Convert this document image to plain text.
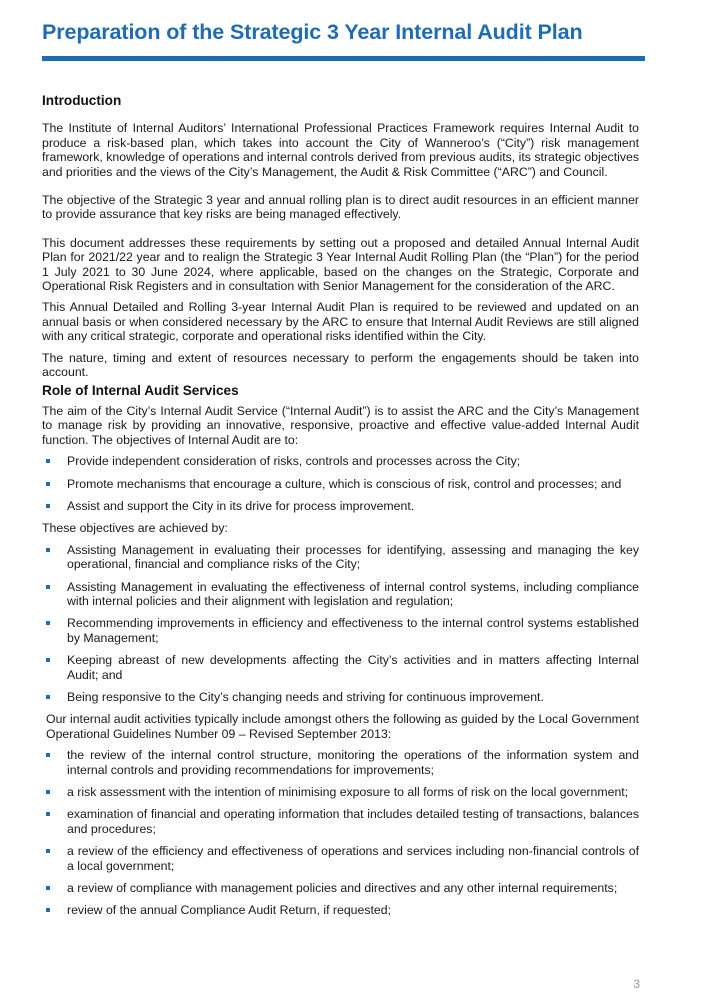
Preparation of the Strategic 3 Year Internal Audit Plan
Introduction

The Institute of Internal Auditors’ International Professional Practices Framework requires Internal Audit to produce a risk-based plan, which takes into account the City of Wanneroo’s (“City”) risk management framework, knowledge of operations and internal controls derived from previous audits, its strategic objectives and priorities and the views of the City’s Management, the Audit & Risk Committee (“ARC”) and Council.

The objective of the Strategic 3 year and annual rolling plan is to direct audit resources in an efficient manner to provide assurance that key risks are being managed effectively.

This document addresses these requirements by setting out a proposed and detailed Annual Internal Audit Plan for 2021/22 year and to realign the Strategic 3 Year Internal Audit Rolling Plan (the “Plan”) for the period 1 July 2021 to 30 June 2024, where applicable, based on the changes on the Strategic, Corporate and Operational Risk Registers and in consultation with Senior Management for the consideration of the ARC.

This Annual Detailed and Rolling 3-year Internal Audit Plan is required to be reviewed and updated on an annual basis or when considered necessary by the ARC to ensure that Internal Audit Reviews are still aligned with any critical strategic, corporate and operational risks identified within the City.

The nature, timing and extent of resources necessary to perform the engagements should be taken into account.

Role of Internal Audit Services

The aim of the City’s Internal Audit Service (“Internal Audit”) is to assist the ARC and the City’s Management to manage risk by providing an innovative, responsive, proactive and effective value-added Internal Audit function. The objectives of Internal Audit are to:

Provide independent consideration of risks, controls and processes across the City;
Promote mechanisms that encourage a culture, which is conscious of risk, control and processes; and
Assist and support the City in its drive for process improvement.

These objectives are achieved by:

Assisting Management in evaluating their processes for identifying, assessing and managing the key operational, financial and compliance risks of the City;
Assisting Management in evaluating the effectiveness of internal control systems, including compliance with internal policies and their alignment with legislation and regulation;
Recommending improvements in efficiency and effectiveness to the internal control systems established by Management;
Keeping abreast of new developments affecting the City’s activities and in matters affecting Internal Audit; and
Being responsive to the City’s changing needs and striving for continuous improvement.

Our internal audit activities typically include amongst others the following as guided by the Local Government Operational Guidelines Number 09 – Revised September 2013:

the review of the internal control structure, monitoring the operations of the information system and internal controls and providing recommendations for improvements;
a risk assessment with the intention of minimising exposure to all forms of risk on the local government;
examination of financial and operating information that includes detailed testing of transactions, balances and procedures;
a review of the efficiency and effectiveness of operations and services including non-financial controls of a local government;
a review of compliance with management policies and directives and any other internal requirements;
review of the annual Compliance Audit Return, if requested;
3
